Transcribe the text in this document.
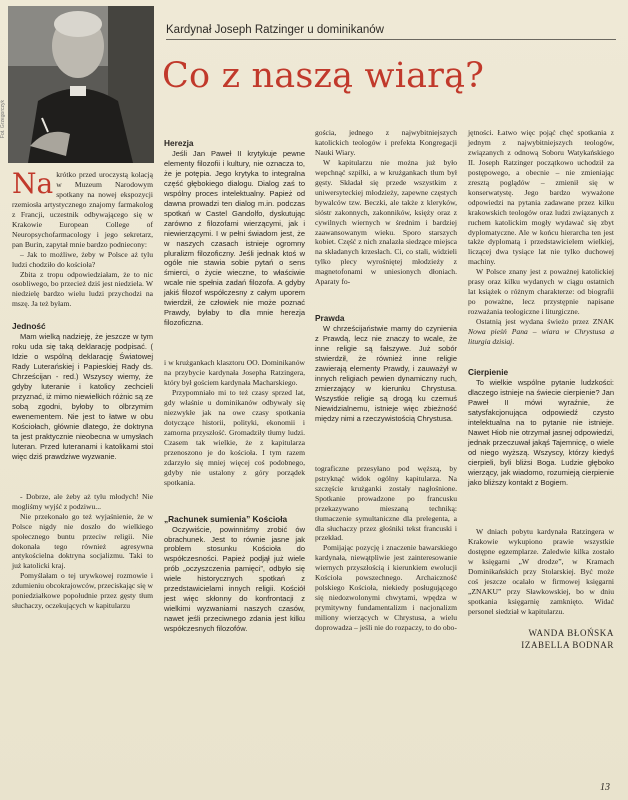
Fot. Grzegorczyk
Kardynał Joseph Ratzinger u dominikanów
Co z naszą wiarą?

Na krótko przed uroczystą kolacją w Muzeum Narodowym spotkany na nowej ekspozycji rzemiosła artystycznego znajomy farmakolog z Francji, uczestnik odbywającego się w Krakowie European College of Neuropsychofarmacology i jego sekretarz, pan Burin, zapytał mnie bardzo podniecony:

– Jak to możliwe, żeby w Polsce aż tylu ludzi chodziło do kościoła?

Zbita z tropu odpowiedziałam, że to nic osobliwego, bo przecież dziś jest niedziela. W niedzielę bardzo wielu ludzi przychodzi na mszę. Ja też byłam.

Jedność

Mam wielką nadzieję, że jeszcze w tym roku uda się taką deklarację podpisać. ( Idzie o wspólną deklarację Światowej Rady Luterańskiej i Papieskiej Rady ds. Chrześcijan - red.) Wszyscy wiemy, że gdyby luteranie i katolicy zechcieli przyznać, iż mimo niewielkich różnic są ze sobą zgodni, byłoby to olbrzymim ewenementem. Nie jest to łatwe w obu Kościołach, głównie dlatego, że doktryna ta jest praktycznie nieobecna w umysłach luteran. Przed luteranami i katolikami stoi więc dziś prawdziwe wyzwanie.

- Dobrze, ale żeby aż tylu młodych! Nie mogliśmy wyjść z podziwu...

Nie przekonało go też wyjaśnienie, że w Polsce nigdy nie doszło do wielkiego społecznego buntu przeciw religii. Nie dokonała tego również agresywna antykościelna doktryna socjalizmu. Taki to już katolicki kraj.

Pomyślałam o tej urywkowej rozmowie i zdumieniu obcokrajowców, przeciskając się w poniedziałkowe popołudnie przez gęsty tłum słuchaczy, oczekujących w kapitularzu

Herezja

Jeśli Jan Paweł II krytykuje pewne elementy filozofii i kultury, nie oznacza to, że je potępia. Jego krytyka to integralna część głębokiego dialogu. Dialog zaś to wspólny proces intelektualny. Papież od dawna prowadzi ten dialog m.in. podczas spotkań w Castel Gandolfo, dyskutując zarówno z filozofami wierzącymi, jak i niewierzącymi. I w pełni świadom jest, że w naszych czasach istnieje ogromny pluralizm filozoficzny. Jeśli jednak ktoś w ogóle nie stawia sobie pytań o sens śmierci, o życie wieczne, to właściwie wcale nie spełnia zadań filozofa. A gdyby jakiś filozof współczesny z całym uporem twierdził, że człowiek nie może poznać Prawdy, byłaby to dla mnie herezja filozoficzna.

i w krużgankach klasztoru OO. Dominikanów na przybycie kardynała Josepha Ratzingera, który był gościem kardynała Macharskiego.

Przypomniało mi to też czasy sprzed lat, gdy właśnie u dominikanów odbywały się niezwykłe jak na owe czasy spotkania dotyczące historii, polityki, ekonomii i zamorna przyszłość. Gromadziły tłumy ludzi. Czasem tak wielkie, że z kapitularza przenoszono je do kościoła. I tym razem zdarzyło się mniej więcej coś podobnego, gdyby nie ustalony z góry porządek spotkania.

„Rachunek sumienia” Kościoła

Oczywiście, powinniśmy zrobić ów obrachunek. Jest to równie jasne jak problem stosunku Kościoła do współczesności. Papież podjął już wiele prób „oczyszczenia pamięci”, odbyło się wiele historycznych spotkań z przedstawicielami innych religii. Kościół jest więc skłonny do konfrontacji z wielkimi wyzwaniami naszych czasów, nawet jeśli przeciwnego zdania jest kilku współczesnych filozofów.

gościa, jednego z najwybitniejszych katolickich teologów i prefekta Kongregacji Nauki Wiary.

W kapitularzu nie można już było wepchnąć szpilki, a w krużgankach tłum był gęsty. Składał się przede wszystkim z uniwersyteckiej młodzieży, zapewne częstych bywalców tzw. Beczki, ale także z kleryków, sióstr zakonnych, zakonników, księży oraz z cywilnych wiernych w średnim i bardziej zaawansowanym wieku. Sporo starszych kobiet. Część z nich znalazła siedzące miejsca na składanych krzesłach. Ci, co stali, widzieli tylko plecy wyrośniętej młodzieży z magnetofonami w uniesionych dłoniach. Aparaty fo-

Prawda

W chrześcijaństwie mamy do czynienia z Prawdą, lecz nie znaczy to wcale, że inne religie są fałszywe. Już sobór stwierdził, że również inne religie zawierają elementy Prawdy, i zauważył w innych religiach pewien dynamiczny ruch, zmierzający w kierunku Chrystusa. Wszystkie religie są drogą ku czemuś Niewidzialnemu, istnieje więc zbieżność między nimi a rzeczywistością Chrystusa.

tograficzne przesyłano pod węższą, by pstryknąć widok ogólny kapitularza. Na szczęście krużganki zostały nagłośnione. Spotkanie prowadzone po francusku przekazywano mieszaną techniką: tłumaczenie symultaniczne dla prelegenta, a dla słuchaczy przez głośniki tekst francuski i przekład.

Pomijając pozycję i znaczenie bawarskiego kardynała, niewątpliwie jest zainteresowanie wiernych przyszłością i kierunkiem ewolucji Kościoła powszechnego. Archaiczność polskiego Kościoła, niekiedy posługującego się niedozwolonymi chwytami, wpędza w prymitywny fundamentalizm i nacjonalizm miliony wierzących w Chrystusa, a wielu doprowadza – jeśli nie do rozpaczy, to do obo-

jętności. Łatwo więc pojąć chęć spotkania z jednym z najwybitniejszych teologów, związanych z odnową Soboru Watykańskiego II. Joseph Ratzinger początkowo uchodził za postępowego, a obecnie – nie zmieniając zresztą poglądów – zmienił się w konserwatystę. Jego bardzo wyważone odpowiedzi na pytania zadawane przez kilku krakowskich teologów oraz ludzi związanych z ruchem katolickim mogły wydawać się zbyt dyplomatyczne. Ale w końcu hierarcha ten jest także dyplomatą i przedstawicielem wielkiej, liczącej dwa tysiące lat nie tylko duchowej machiny.

W Polsce znany jest z poważnej katolickiej prasy oraz kilku wydanych w ciągu ostatnich lat książek o różnym charakterze: od biografii po poważne, lecz przystępnie napisane rozważania teologiczne i liturgiczne.

Ostatnią jest wydana świeżo przez ZNAK Nowa pieśń Pana – wiara w Chrystusa a liturgia dzisiaj.

Cierpienie

To wielkie wspólne pytanie ludzkości: dlaczego istnieje na świecie cierpienie? Jan Paweł II mówi wyraźnie, że satysfakcjonująca odpowiedź czysto intelektualna na to pytanie nie istnieje. Nawet Hiob nie otrzymał jasnej odpowiedzi, jednak przeczuwał jakąś Tajemnicę, o wiele od niego wyższą. Wszyscy, którzy kiedyś cierpieli, byli bliżsi Boga. Ludzie głęboko wierzący, jak wiadomo, rozumieją cierpienie jako bliższy kontakt z Bogiem.

W dniach pobytu kardynała Ratzingera w Krakowie wykupiono prawie wszystkie dostępne egzemplarze. Zaledwie kilka zostało w księgarni „W drodze”, w Kramach Dominikańskich przy Stolarskiej. Być może coś jeszcze ocalało w firmowej księgarni „ZNAKU” przy Sławkowskiej, bo w dniu spotkania księgarnię zamknięto. Widać personel siedział w kapitularzu.

WANDA BŁOŃSKA
IZABELLA BODNAR
13
